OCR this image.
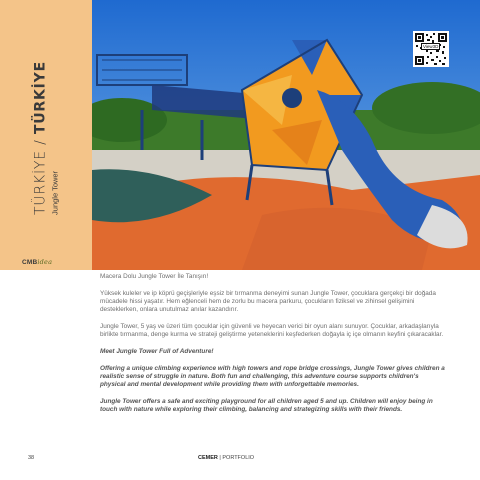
TÜRKİYE / TÜRKİYE
Jungle Tower
CMBidea
View3D

Macera Dolu Jungle Tower İle Tanışın!

Yüksek kuleler ve ip köprü geçişleriyle eşsiz bir tırmanma deneyimi sunan Jungle Tower, çocuklara gerçekçi bir doğada mücadele hissi yaşatır. Hem eğlenceli hem de zorlu bu macera parkuru, çocukların fiziksel ve zihinsel gelişimini desteklerken, onlara unutulmaz anılar kazandırır.

Jungle Tower, 5 yaş ve üzeri tüm çocuklar için güvenli ve heyecan verici bir oyun alanı sunuyor. Çocuklar, arkadaşlarıyla birlikte tırmanma, denge kurma ve strateji geliştirme yeteneklerini keşfederken doğayla iç içe olmanın keyfini çıkaracaklar.

Meet Jungle Tower Full of Adventure!

Offering a unique climbing experience with high towers and rope bridge crossings, Jungle Tower gives children a realistic sense of struggle in nature. Both fun and challenging, this adventure course supports children's physical and mental development while providing them with unforgettable memories.

Jungle Tower offers a safe and exciting playground for all children aged 5 and up. Children will enjoy being in touch with nature while exploring their climbing, balancing and strategizing skills with their friends.

38	CEMER | PORTFOLIO
